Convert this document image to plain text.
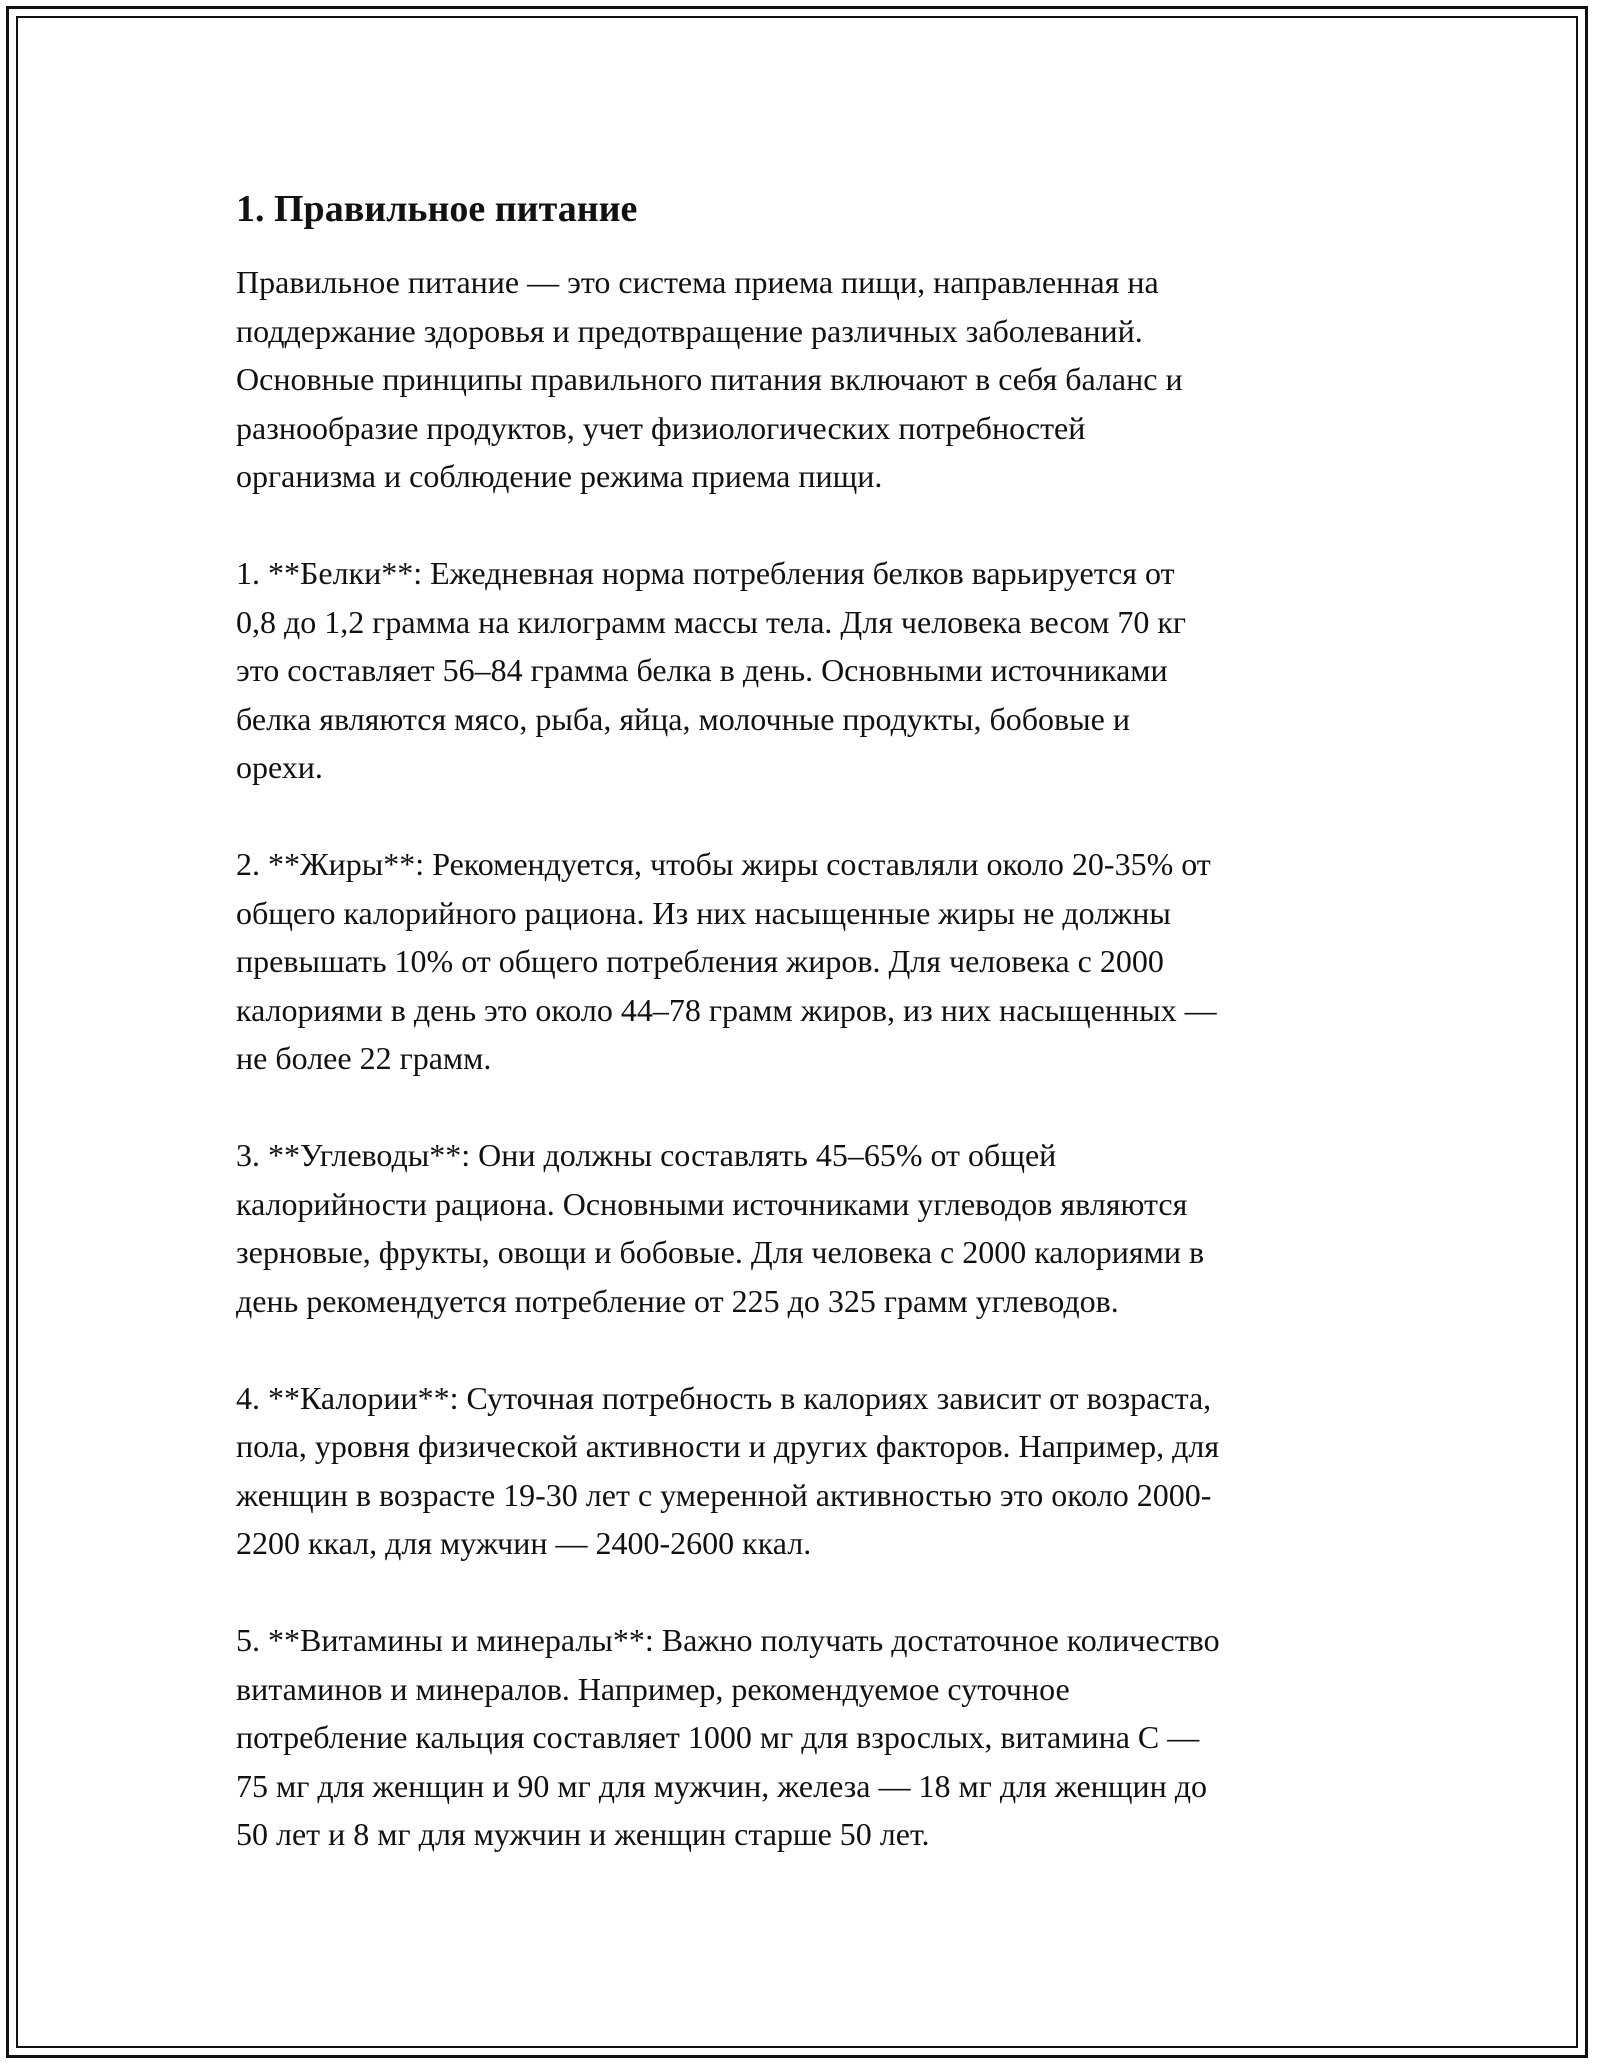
1. Правильное питание

Правильное питание — это система приема пищи, направленная на
поддержание здоровья и предотвращение различных заболеваний.
Основные принципы правильного питания включают в себя баланс и
разнообразие продуктов, учет физиологических потребностей
организма и соблюдение режима приема пищи.

1. **Белки**: Ежедневная норма потребления белков варьируется от
0,8 до 1,2 грамма на килограмм массы тела. Для человека весом 70 кг
это составляет 56–84 грамма белка в день. Основными источниками
белка являются мясо, рыба, яйца, молочные продукты, бобовые и
орехи.

2. **Жиры**: Рекомендуется, чтобы жиры составляли около 20-35% от
общего калорийного рациона. Из них насыщенные жиры не должны
превышать 10% от общего потребления жиров. Для человека с 2000
калориями в день это около 44–78 грамм жиров, из них насыщенных —
не более 22 грамм.

3. **Углеводы**: Они должны составлять 45–65% от общей
калорийности рациона. Основными источниками углеводов являются
зерновые, фрукты, овощи и бобовые. Для человека с 2000 калориями в
день рекомендуется потребление от 225 до 325 грамм углеводов.

4. **Калории**: Суточная потребность в калориях зависит от возраста,
пола, уровня физической активности и других факторов. Например, для
женщин в возрасте 19-30 лет с умеренной активностью это около 2000-
2200 ккал, для мужчин — 2400-2600 ккал.

5. **Витамины и минералы**: Важно получать достаточное количество
витаминов и минералов. Например, рекомендуемое суточное
потребление кальция составляет 1000 мг для взрослых, витамина C —
75 мг для женщин и 90 мг для мужчин, железа — 18 мг для женщин до
50 лет и 8 мг для мужчин и женщин старше 50 лет.
